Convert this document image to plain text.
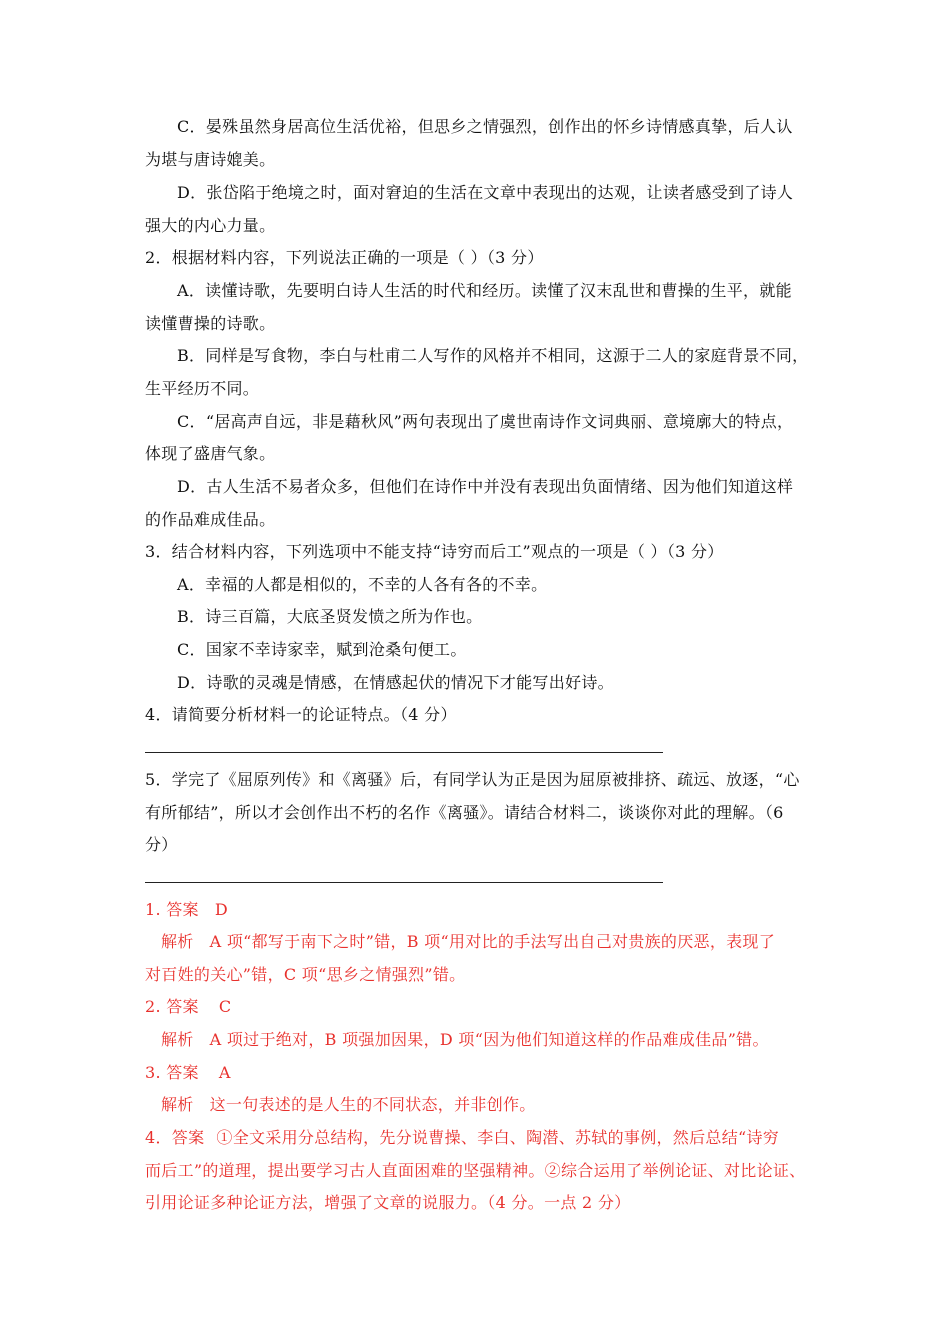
C．晏殊虽然身居高位生活优裕，但思乡之情强烈，创作出的怀乡诗情感真挚，后人认
为堪与唐诗媲美。
D．张岱陷于绝境之时，面对窘迫的生活在文章中表现出的达观，让读者感受到了诗人
强大的内心力量。
2．根据材料内容，下列说法正确的一项是（ ）（3 分）
A．读懂诗歌，先要明白诗人生活的时代和经历。读懂了汉末乱世和曹操的生平，就能
读懂曹操的诗歌。
B．同样是写食物，李白与杜甫二人写作的风格并不相同，这源于二人的家庭背景不同，
生平经历不同。
C．“居高声自远，非是藉秋风”两句表现出了虞世南诗作文词典丽、意境廓大的特点，
体现了盛唐气象。
D．古人生活不易者众多，但他们在诗作中并没有表现出负面情绪、因为他们知道这样
的作品难成佳品。
3．结合材料内容，下列选项中不能支持“诗穷而后工”观点的一项是（ ）（3 分）
A．幸福的人都是相似的，不幸的人各有各的不幸。
B．诗三百篇，大底圣贤发愤之所为作也。
C．国家不幸诗家幸，赋到沧桑句便工。
D．诗歌的灵魂是情感，在情感起伏的情况下才能写出好诗。
4．请简要分析材料一的论证特点。（4 分）
5．学完了《屈原列传》和《离骚》后，有同学认为正是因为屈原被排挤、疏远、放逐，“心
有所郁结”，所以才会创作出不朽的名作《离骚》。请结合材料二，谈谈你对此的理解。（6
分）
1. 答案 D
解析 A 项“都写于南下之时”错，B 项“用对比的手法写出自己对贵族的厌恶，表现了
对百姓的关心”错，C 项“思乡之情强烈”错。
2. 答案 C
解析 A 项过于绝对，B 项强加因果，D 项“因为他们知道这样的作品难成佳品”错。
3. 答案 A
解析 这一句表述的是人生的不同状态，并非创作。
4．答案 ①全文采用分总结构，先分说曹操、李白、陶潜、苏轼的事例，然后总结“诗穷
而后工”的道理，提出要学习古人直面困难的坚强精神。②综合运用了举例论证、对比论证、
引用论证多种论证方法，增强了文章的说服力。（4 分。一点 2 分）
